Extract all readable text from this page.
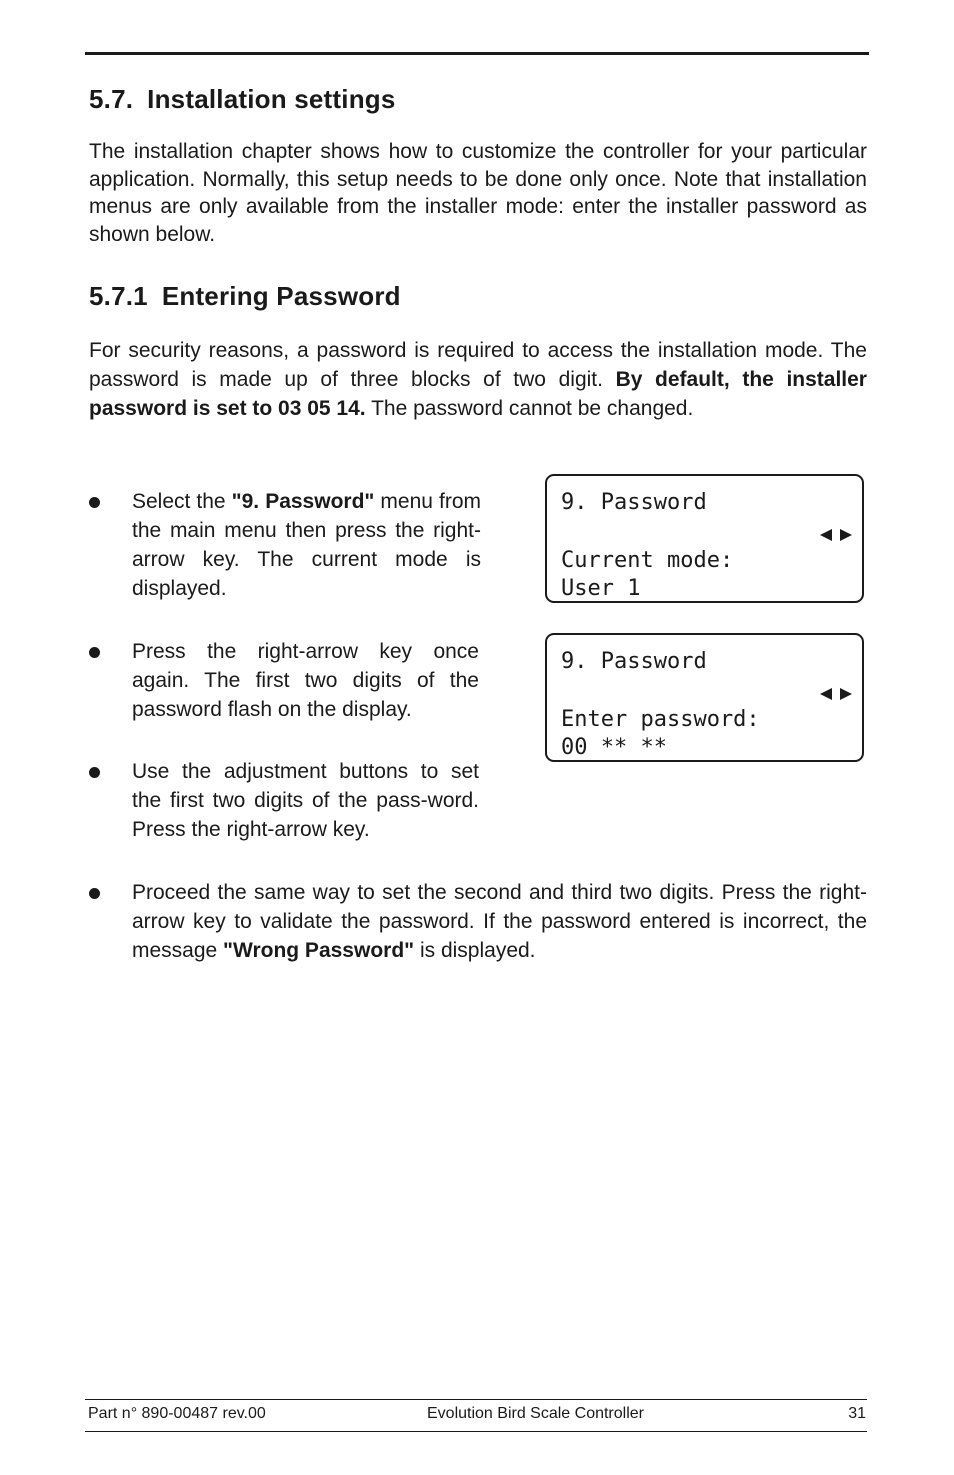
5.7. Installation settings

The installation chapter shows how to customize the controller for your particular application. Normally, this setup needs to be done only once. Note that installation menus are only available from the installer mode: enter the installer password as shown below.

5.7.1 Entering Password

For security reasons, a password is required to access the installation mode. The password is made up of three blocks of two digit. By default, the installer password is set to 03 05 14. The password cannot be changed.

Select the "9. Password" menu from the main menu then press the right-arrow key. The current mode is displayed.

Press the right-arrow key once again. The first two digits of the password flash on the display.

Use the adjustment buttons to set the first two digits of the pass-word. Press the right-arrow key.

Proceed the same way to set the second and third two digits. Press the right-arrow key to validate the password. If the password entered is incorrect, the message "Wrong Password" is displayed.

9. Password
Current mode:
User 1
9. Password
Enter password:
00 ** **
Part n° 890-00487 rev.00	Evolution Bird Scale Controller	31
